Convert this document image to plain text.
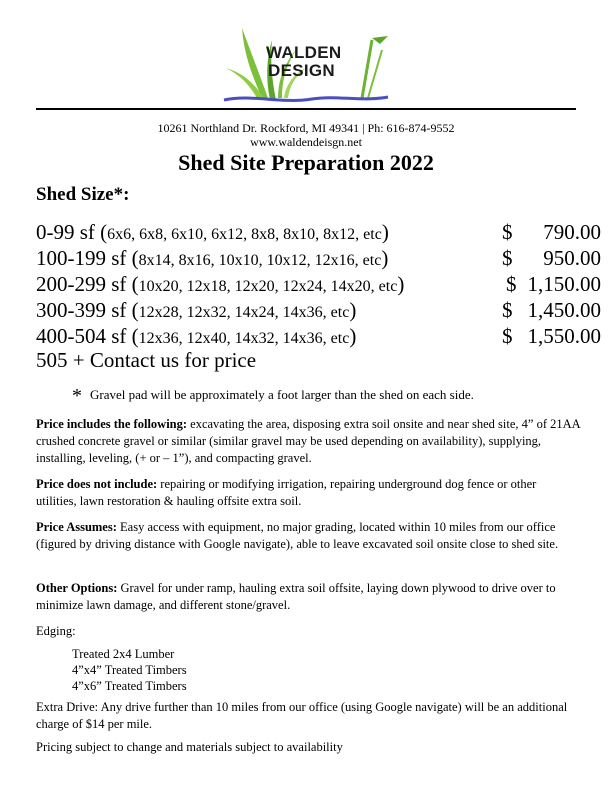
WALDEN
DESIGN
10261 Northland Dr. Rockford, MI 49341 | Ph: 616-874-9552
www.waldendeisgn.net
Shed Site Preparation 2022
Shed Size*:
0-99 sf (6x6, 6x8, 6x10, 6x12, 8x8, 8x10, 8x12, etc)	$	790.00
100-199 sf (8x14, 8x16, 10x10, 10x12, 12x16, etc)	$	950.00
200-299 sf (10x20, 12x18, 12x20, 12x24, 14x20, etc)	$ 1,150.00
300-399 sf (12x28, 12x32, 14x24, 14x36, etc)	$ 1,450.00
400-504 sf (12x36, 12x40, 14x32, 14x36, etc)	$ 1,550.00
505 + Contact us for price
* Gravel pad will be approximately a foot larger than the shed on each side.
Price includes the following: excavating the area, disposing extra soil onsite and near shed site, 4” of 21AA crushed concrete gravel or similar (similar gravel may be used depending on availability), supplying, installing, leveling, (+ or – 1”), and compacting gravel.
Price does not include: repairing or modifying irrigation, repairing underground dog fence or other utilities, lawn restoration & hauling offsite extra soil.
Price Assumes: Easy access with equipment, no major grading, located within 10 miles from our office (figured by driving distance with Google navigate), able to leave excavated soil onsite close to shed site.
Other Options: Gravel for under ramp, hauling extra soil offsite, laying down plywood to drive over to minimize lawn damage, and different stone/gravel.
Edging:
Treated 2x4 Lumber
4”x4” Treated Timbers
4”x6” Treated Timbers
Extra Drive: Any drive further than 10 miles from our office (using Google navigate) will be an additional charge of $14 per mile.
Pricing subject to change and materials subject to availability
